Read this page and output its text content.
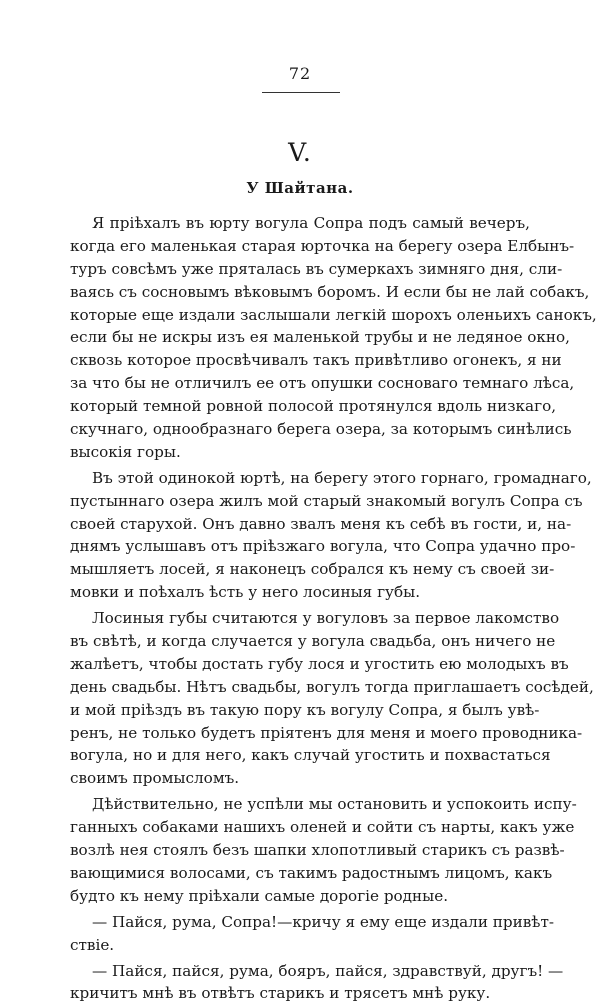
72
V.
У Шайтана.
Я пріѣхалъ въ юрту вогула Сопра подъ самый вечеръ,
когда его маленькая старая юрточка на берегу озера Елбынъ-
туръ совсѣмъ уже пряталась въ сумеркахъ зимняго дня, сли-
ваясь съ сосновымъ вѣковымъ боромъ. И если бы не лай собакъ,
которые еще издали заслышали легкій шорохъ оленьихъ санокъ,
если бы не искры изъ ея маленькой трубы и не ледяное окно,
сквозь которое просвѣчивалъ такъ привѣтливо огонекъ, я ни
за что бы не отличилъ ее отъ опушки сосноваго темнаго лѣса,
который темной ровной полосой протянулся вдоль низкаго,
скучнаго, однообразнаго берега озера, за которымъ синѣлись
высокія горы.
Въ этой одинокой юртѣ, на берегу этого горнаго, громаднаго,
пустыннаго озера жилъ мой старый знакомый вогулъ Сопра съ
своей старухой. Онъ давно звалъ меня къ себѣ въ гости, и, на-
днямъ услышавъ отъ пріѣзжаго вогула, что Сопра удачно про-
мышляетъ лосей, я наконецъ собрался къ нему съ своей зи-
мовки и поѣхалъ ѣсть у него лосиныя губы.
Лосиныя губы считаются у вогуловъ за первое лакомство
въ свѣтѣ, и когда случается у вогула свадьба, онъ ничего не
жалѣетъ, чтобы достать губу лося и угостить ею молодыхъ въ
день свадьбы. Нѣтъ свадьбы, вогулъ тогда приглашаетъ сосѣдей,
и мой пріѣздъ въ такую пору къ вогулу Сопра, я былъ увѣ-
ренъ, не только будетъ пріятенъ для меня и моего проводника-
вогула, но и для него, какъ случай угостить и похвастаться
своимъ промысломъ.
Дѣйствительно, не успѣли мы остановить и успокоить испу-
ганныхъ собаками нашихъ оленей и сойти съ нарты, какъ уже
возлѣ нея стоялъ безъ шапки хлопотливый старикъ съ развѣ-
вающимися волосами, съ такимъ радостнымъ лицомъ, какъ
будто къ нему пріѣхали самые дорогіе родные.
— Пайся, рума, Сопра!—кричу я ему еще издали привѣт-
ствіе.
— Пайся, пайся, рума, бояръ, пайся, здравствуй, другъ! —
кричитъ мнѣ въ отвѣтъ старикъ и трясетъ мнѣ руку.
